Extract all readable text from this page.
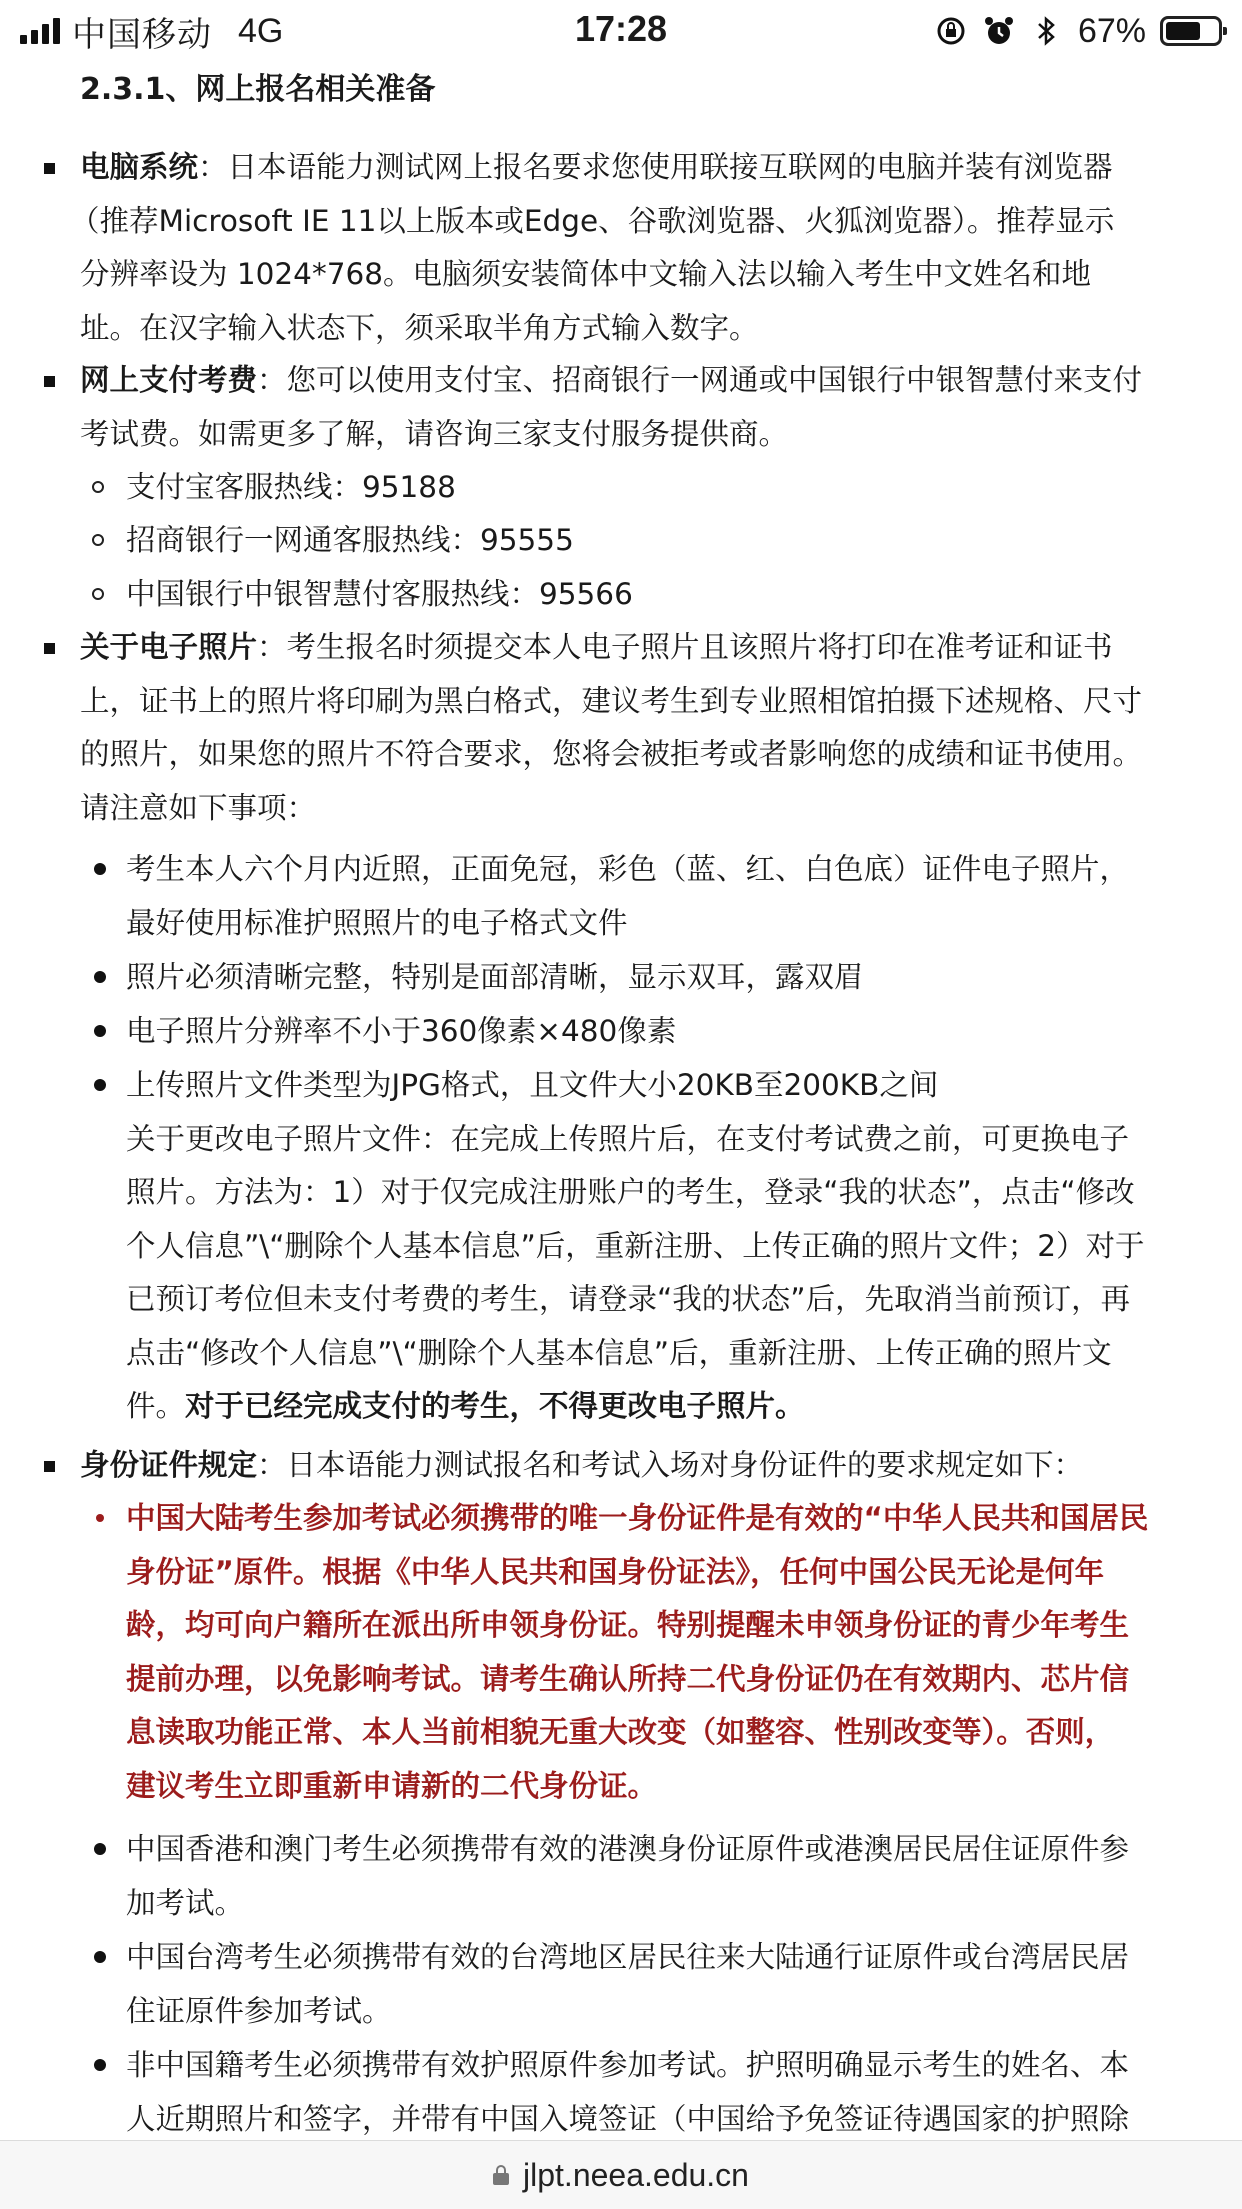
中国移动 4G	17:28	67%
2.3.1、网上报名相关准备
电脑系统：日本语能力测试网上报名要求您使用联接互联网的电脑并装有浏览器
（推荐Microsoft IE 11以上版本或Edge、谷歌浏览器、火狐浏览器）。推荐显示
分辨率设为 1024*768。电脑须安装简体中文输入法以输入考生中文姓名和地
址。在汉字输入状态下，须采取半角方式输入数字。
网上支付考费：您可以使用支付宝、招商银行一网通或中国银行中银智慧付来支付
考试费。如需更多了解，请咨询三家支付服务提供商。
支付宝客服热线：95188
招商银行一网通客服热线：95555
中国银行中银智慧付客服热线：95566
关于电子照片：考生报名时须提交本人电子照片且该照片将打印在准考证和证书
上，证书上的照片将印刷为黑白格式，建议考生到专业照相馆拍摄下述规格、尺寸
的照片，如果您的照片不符合要求，您将会被拒考或者影响您的成绩和证书使用。
请注意如下事项：
考生本人六个月内近照，正面免冠，彩色（蓝、红、白色底）证件电子照片，
最好使用标准护照照片的电子格式文件
照片必须清晰完整，特别是面部清晰，显示双耳，露双眉
电子照片分辨率不小于360像素×480像素
上传照片文件类型为JPG格式，且文件大小20KB至200KB之间
关于更改电子照片文件：在完成上传照片后，在支付考试费之前，可更换电子
照片。方法为：1）对于仅完成注册账户的考生，登录“我的状态”，点击“修改
个人信息”\“删除个人基本信息”后，重新注册、上传正确的照片文件；2）对于
已预订考位但未支付考费的考生，请登录“我的状态”后，先取消当前预订，再
点击“修改个人信息”\“删除个人基本信息”后，重新注册、上传正确的照片文
件。对于已经完成支付的考生，不得更改电子照片。
身份证件规定：日本语能力测试报名和考试入场对身份证件的要求规定如下：
中国大陆考生参加考试必须携带的唯一身份证件是有效的“中华人民共和国居民
身份证”原件。根据《中华人民共和国身份证法》，任何中国公民无论是何年
龄，均可向户籍所在派出所申领身份证。特别提醒未申领身份证的青少年考生
提前办理，以免影响考试。请考生确认所持二代身份证仍在有效期内、芯片信
息读取功能正常、本人当前相貌无重大改变（如整容、性别改变等）。否则，
建议考生立即重新申请新的二代身份证。
中国香港和澳门考生必须携带有效的港澳身份证原件或港澳居民居住证原件参
加考试。
中国台湾考生必须携带有效的台湾地区居民往来大陆通行证原件或台湾居民居
住证原件参加考试。
非中国籍考生必须携带有效护照原件参加考试。护照明确显示考生的姓名、本
人近期照片和签字，并带有中国入境签证（中国给予免签证待遇国家的护照除
jlpt.neea.edu.cn
